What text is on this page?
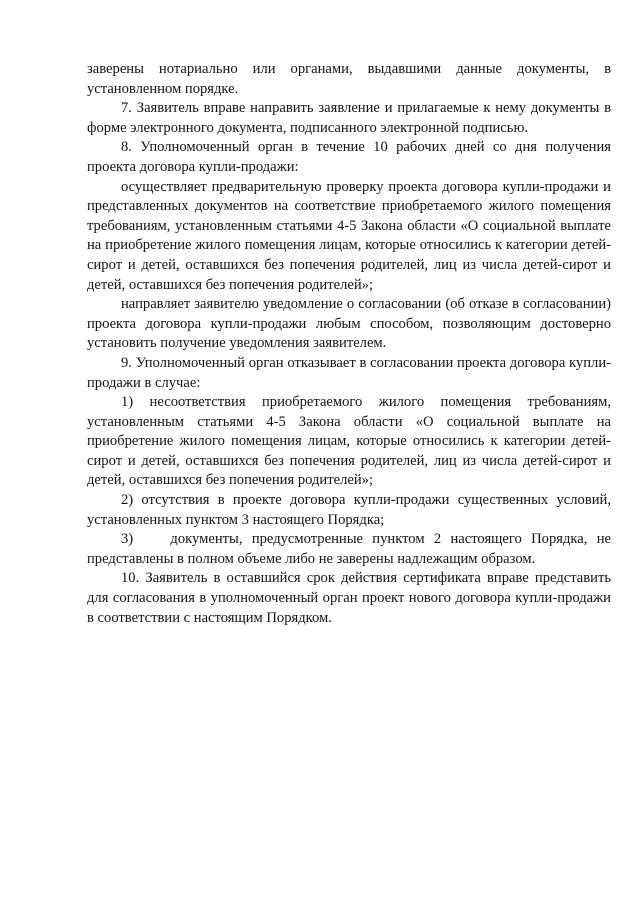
заверены нотариально или органами, выдавшими данные документы, в установленном порядке.

7. Заявитель вправе направить заявление и прилагаемые к нему документы в форме электронного документа, подписанного электронной подписью.

8. Уполномоченный орган в течение 10 рабочих дней со дня получения проекта договора купли-продажи:

осуществляет предварительную проверку проекта договора купли-продажи и представленных документов на соответствие приобретаемого жилого помещения требованиям, установленным статьями 4-5 Закона области «О социальной выплате на приобретение жилого помещения лицам, которые относились к категории детей-сирот и детей, оставшихся без попечения родителей, лиц из числа детей-сирот и детей, оставшихся без попечения родителей»;

направляет заявителю уведомление о согласовании (об отказе в согласовании) проекта договора купли-продажи любым способом, позволяющим достоверно установить получение уведомления заявителем.

9. Уполномоченный орган отказывает в согласовании проекта договора купли-продажи в случае:

1) несоответствия приобретаемого жилого помещения требованиям, установленным статьями 4-5 Закона области «О социальной выплате на приобретение жилого помещения лицам, которые относились к категории детей-сирот и детей, оставшихся без попечения родителей, лиц из числа детей-сирот и детей, оставшихся без попечения родителей»;

2) отсутствия в проекте договора купли-продажи существенных условий, установленных пунктом 3 настоящего Порядка;

3)    документы, предусмотренные пунктом 2 настоящего Порядка, не представлены в полном объеме либо не заверены надлежащим образом.

10. Заявитель в оставшийся срок действия сертификата вправе представить для согласования в уполномоченный орган проект нового договора купли-продажи в соответствии с настоящим Порядком.
